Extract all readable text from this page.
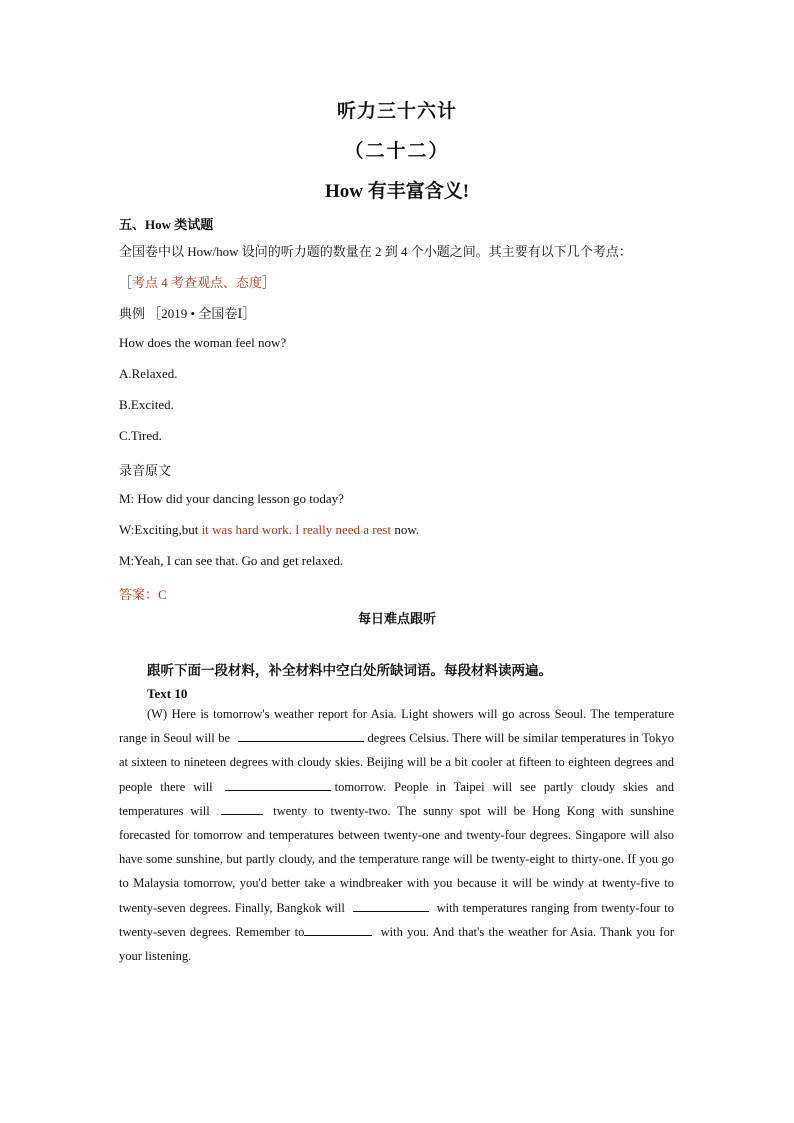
听力三十六计
（二十二）
How 有丰富含义!
五、How 类试题
全国卷中以 How/how 设问的听力题的数量在 2 到 4 个小题之间。其主要有以下几个考点：
［考点 4 考查观点、态度］
典例 ［2019 • 全国卷Ⅰ］
How does the woman feel now?
A.Relaxed.
B.Excited.
C.Tired.
录音原文
M: How did your dancing lesson go today?
W:Exciting,but it was hard work. I really need a rest now.
M:Yeah, I can see that. Go and get relaxed.
答案：C
每日难点跟听
跟听下面一段材料，补全材料中空白处所缺词语。每段材料读两遍。
Text 10
(W) Here is tomorrow's weather report for Asia. Light showers will go across Seoul. The temperature range in Seoul will be	degrees Celsius. There will be similar temperatures in Tokyo at sixteen to nineteen degrees with cloudy skies. Beijing will be a bit cooler at fifteen to eighteen degrees and people there will	tomorrow. People in Taipei will see partly cloudy skies and temperatures will	twenty to twenty-two. The sunny spot will be Hong Kong with sunshine forecasted for tomorrow and temperatures between twenty-one and twenty-four degrees. Singapore will also have some sunshine, but partly cloudy, and the temperature range will be twenty-eight to thirty-one. If you go to Malaysia tomorrow, you'd better take a windbreaker with you because it will be windy at twenty-five to twenty-seven degrees. Finally, Bangkok will	with temperatures ranging from twenty-four to twenty-seven degrees. Remember to	with you. And that's the weather for Asia. Thank you for your listening.
